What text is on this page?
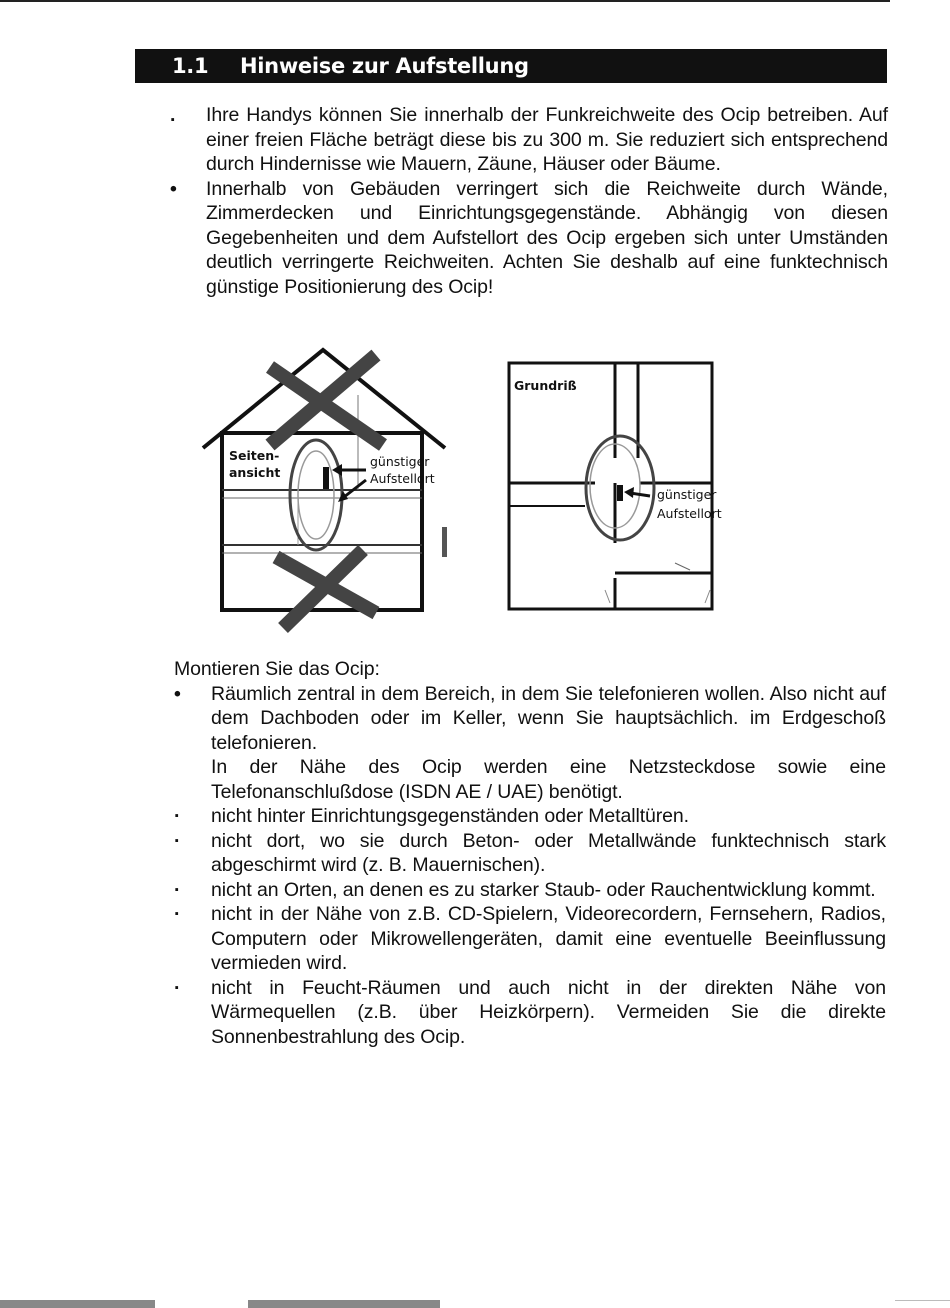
1.1 Hinweise zur Aufstellung
.	Ihre Handys können Sie innerhalb der Funkreichweite des Ocip betreiben. Auf einer freien Fläche beträgt diese bis zu 300 m. Sie reduziert sich entsprechend durch Hindernisse wie Mauern, Zäune, Häuser oder Bäume.
•	Innerhalb von Gebäuden verringert sich die Reichweite durch Wände, Zimmerdecken und Einrichtungsgegenstände. Abhängig von diesen Gegebenheiten und dem Aufstellort des Ocip ergeben sich unter Umständen deutlich verringerte Reichweiten. Achten Sie deshalb auf eine funktechnisch günstige Positionierung des Ocip!
Seiten-
ansicht
günstiger
Aufstellort
Grundriß
günstiger
Aufstellort
Montieren Sie das Ocip:
•	Räumlich zentral in dem Bereich, in dem Sie telefonieren wollen. Also nicht auf dem Dachboden oder im Keller, wenn Sie hauptsächlich. im Erdgeschoß telefonieren.
In der Nähe des Ocip werden eine Netzsteckdose sowie eine Telefonanschlußdose (ISDN AE / UAE) benötigt.
·	nicht hinter Einrichtungsgegenständen oder Metalltüren.
·	nicht dort, wo sie durch Beton- oder Metallwände funktechnisch stark abgeschirmt wird (z. B. Mauernischen).
·	nicht an Orten, an denen es zu starker Staub- oder Rauchentwicklung kommt.
·	nicht in der Nähe von z.B. CD-Spielern, Videorecordern, Fernsehern, Radios, Computern oder Mikrowellengeräten, damit eine eventuelle Beeinflussung vermieden wird.
·	nicht in Feucht-Räumen und auch nicht in der direkten Nähe von Wärmequellen (z.B. über Heizkörpern). Vermeiden Sie die direkte Sonnenbestrahlung des Ocip.
